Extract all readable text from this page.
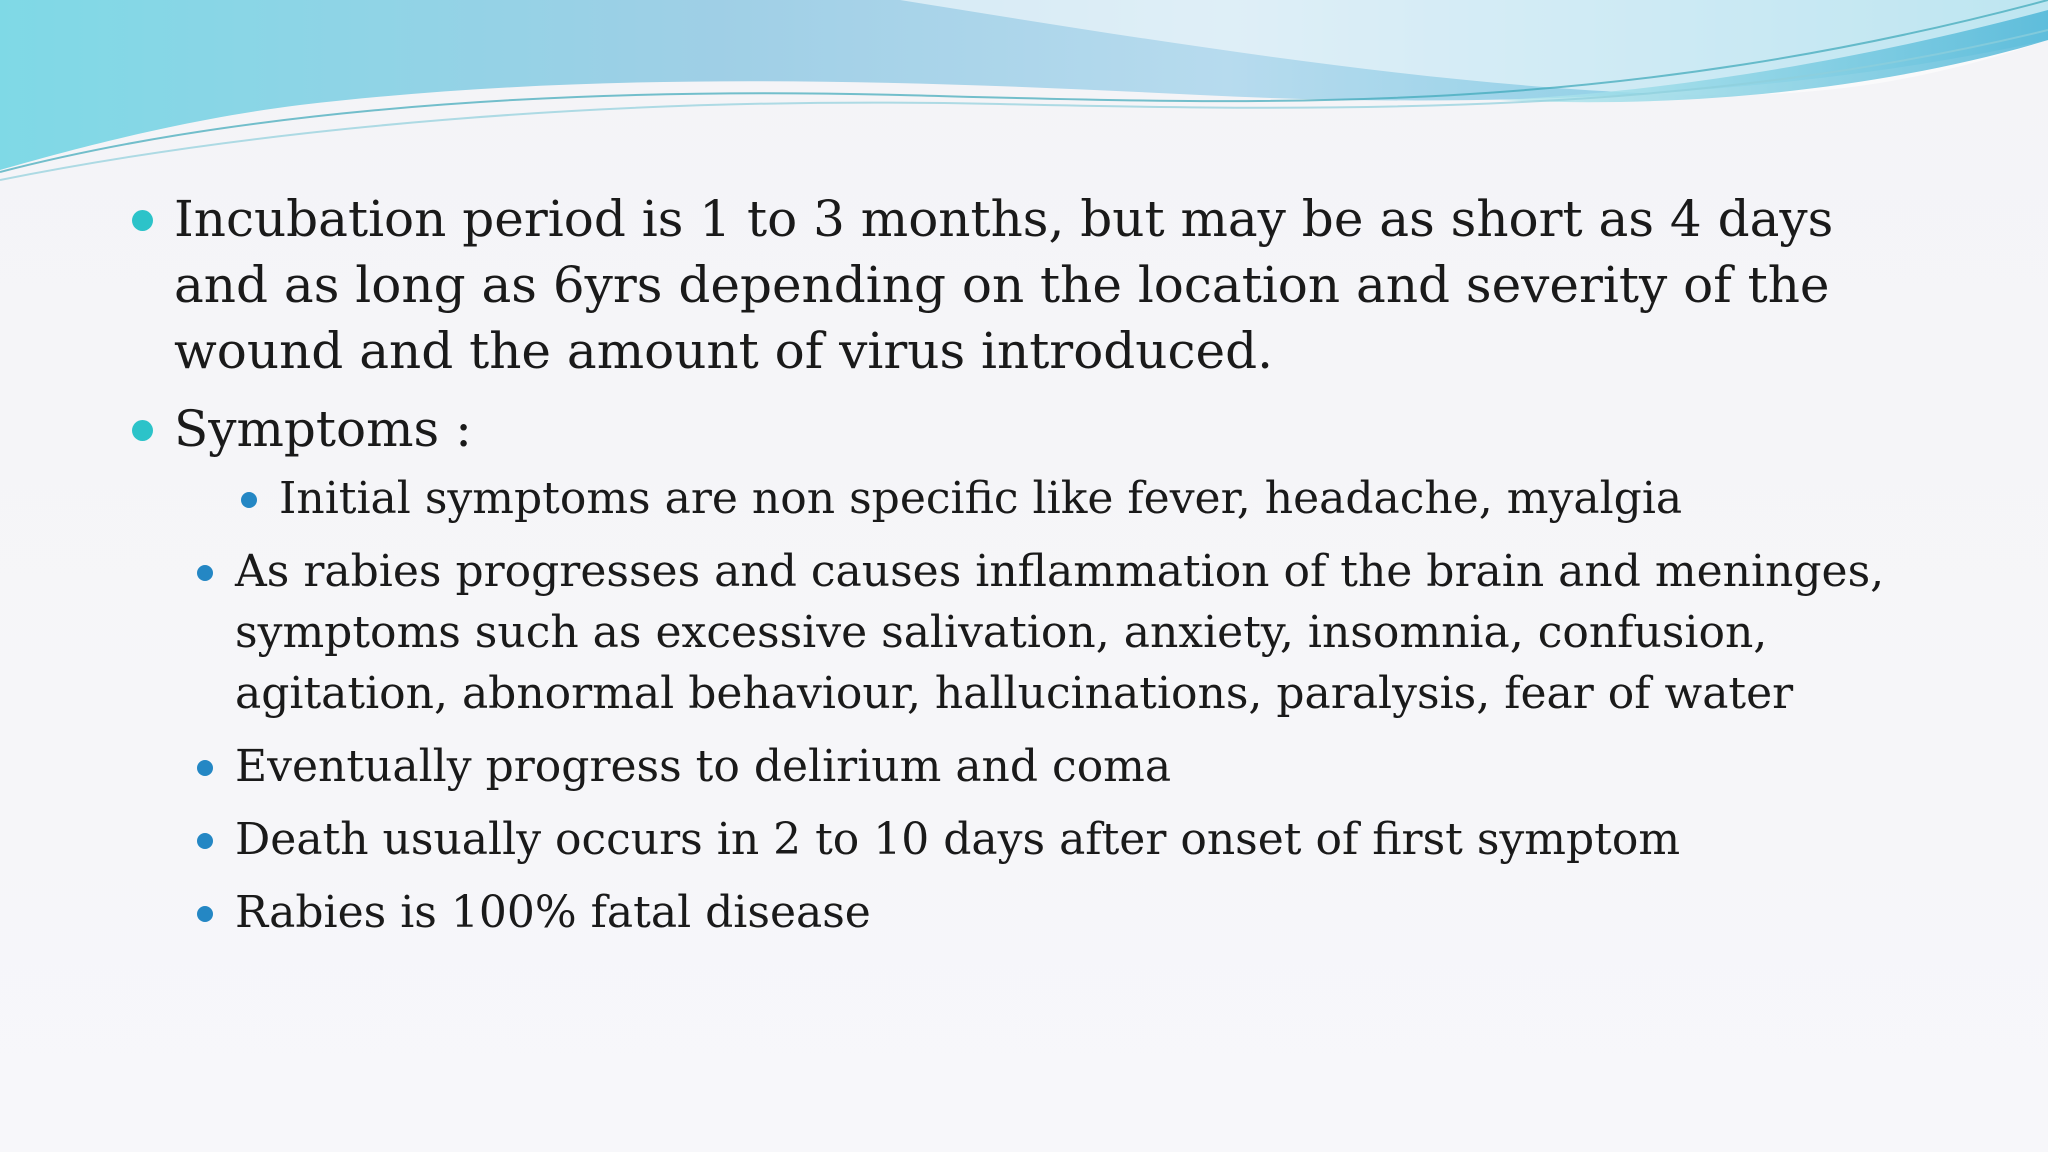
Incubation period is 1 to 3 months, but may be as short as 4 days and as long as 6yrs depending on the location and severity of the wound and the amount of virus introduced.
Symptoms :
Initial symptoms are non specific like fever, headache, myalgia
As rabies progresses and causes inflammation of the brain and meninges, symptoms such as excessive salivation, anxiety, insomnia, confusion, agitation, abnormal behaviour, hallucinations, paralysis, fear of water
Eventually progress to delirium and coma
Death usually occurs in 2 to 10 days after onset of first symptom
Rabies is 100% fatal disease
